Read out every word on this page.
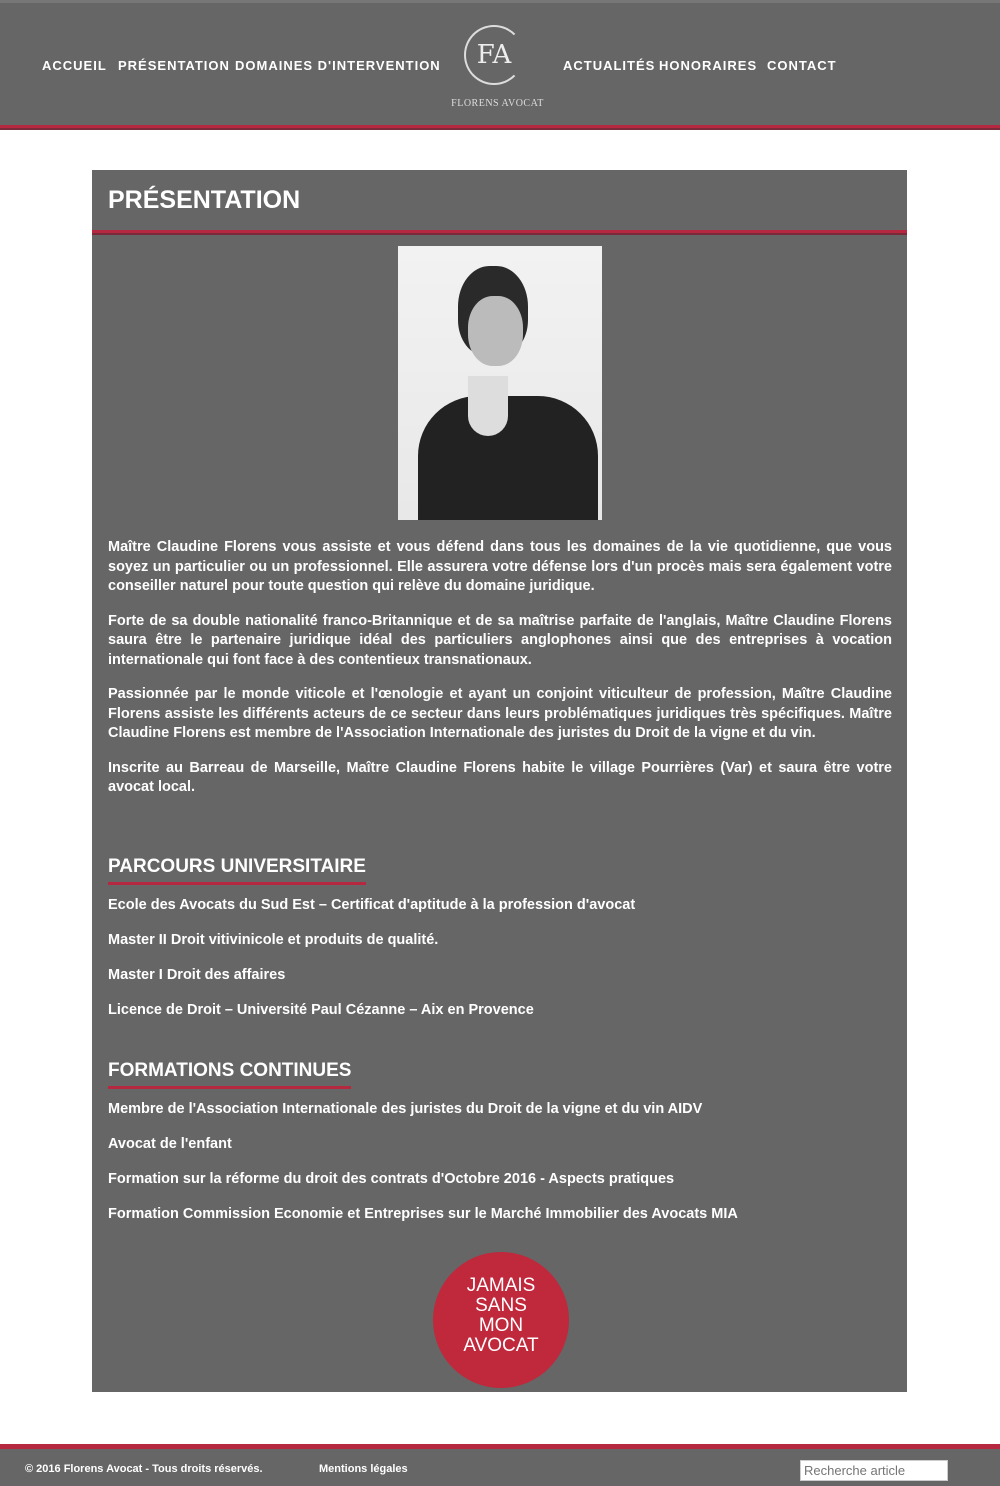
ACCUEIL PRÉSENTATION DOMAINES D'INTERVENTION	FA
FLORENS AVOCAT
ACTUALITÉS HONORAIRES CONTACT
PRÉSENTATION

Maître Claudine Florens vous assiste et vous défend dans tous les domaines de la vie quotidienne, que vous soyez un particulier ou un professionnel. Elle assurera votre défense lors d'un procès mais sera également votre conseiller naturel pour toute question qui relève du domaine juridique.

Forte de sa double nationalité franco-Britannique et de sa maîtrise parfaite de l'anglais, Maître Claudine Florens saura être le partenaire juridique idéal des particuliers anglophones ainsi que des entreprises à vocation internationale qui font face à des contentieux transnationaux.

Passionnée par le monde viticole et l'œnologie et ayant un conjoint viticulteur de profession, Maître Claudine Florens assiste les différents acteurs de ce secteur dans leurs problématiques juridiques très spécifiques. Maître Claudine Florens est membre de l'Association Internationale des juristes du Droit de la vigne et du vin.

Inscrite au Barreau de Marseille, Maître Claudine Florens habite le village Pourrières (Var) et saura être votre avocat local.

PARCOURS UNIVERSITAIRE
Ecole des Avocats du Sud Est – Certificat d'aptitude à la profession d'avocat
Master II Droit vitivinicole et produits de qualité.
Master I Droit des affaires
Licence de Droit – Université Paul Cézanne – Aix en Provence
FORMATIONS CONTINUES
Membre de l'Association Internationale des juristes du Droit de la vigne et du vin AIDV
Avocat de l'enfant
Formation sur la réforme du droit des contrats d'Octobre 2016 - Aspects pratiques
Formation Commission Economie et Entreprises sur le Marché Immobilier des Avocats MIA
JAMAIS
SANS
MON
AVOCAT
© 2016 Florens Avocat - Tous droits réservés.	Mentions légales
Recherche article
